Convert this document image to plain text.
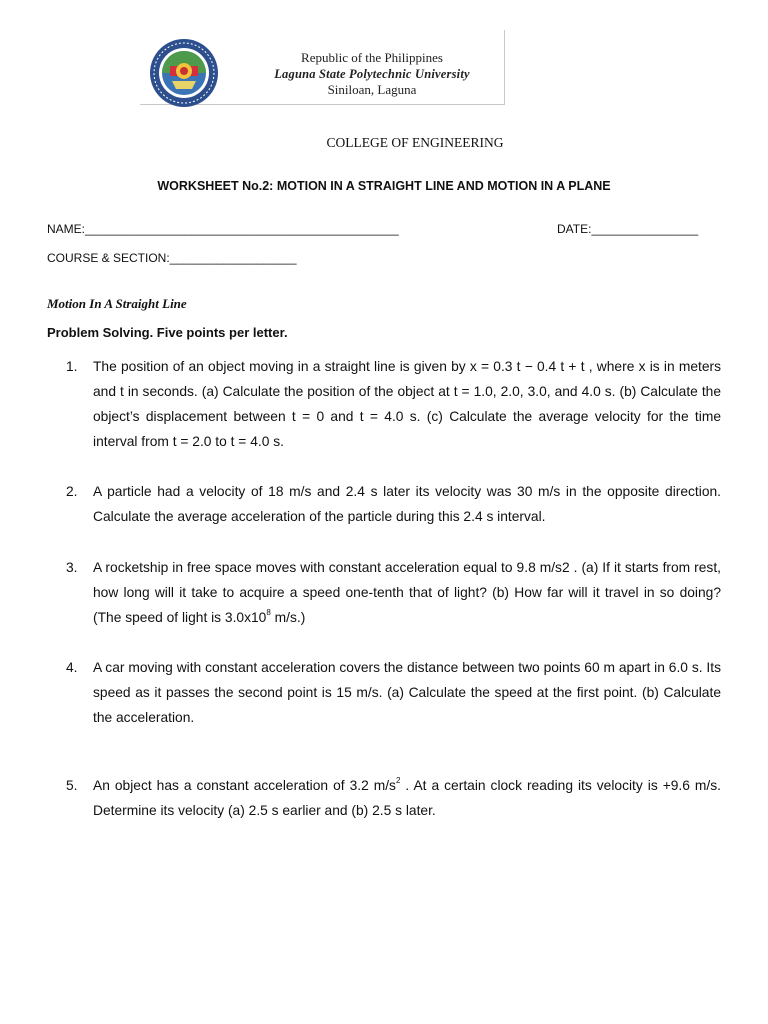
Republic of the Philippines
Laguna State Polytechnic University
Siniloan, Laguna
COLLEGE OF ENGINEERING
WORKSHEET No.2: MOTION IN A STRAIGHT LINE AND MOTION IN A PLANE
NAME:_______________________________________________	DATE:________________
COURSE & SECTION:___________________
Motion In A Straight Line
Problem Solving. Five points per letter.
1.	The position of an object moving in a straight line is given by x = 0.3 t − 0.4 t + t , where x is in meters and t in seconds. (a) Calculate the position of the object at t = 1.0, 2.0, 3.0, and 4.0 s. (b) Calculate the object’s displacement between t = 0 and t = 4.0 s. (c) Calculate the average velocity for the time interval from t = 2.0 to t = 4.0 s.
2.	A particle had a velocity of 18 m/s and 2.4 s later its velocity was 30 m/s in the opposite direction. Calculate the average acceleration of the particle during this 2.4 s interval.
3.	A rocketship in free space moves with constant acceleration equal to 9.8 m/s2 . (a) If it starts from rest, how long will it take to acquire a speed one-tenth that of light? (b) How far will it travel in so doing? (The speed of light is $3.0x10^8$ m/s.)
4.	A car moving with constant acceleration covers the distance between two points 60 m apart in 6.0 s. Its speed as it passes the second point is 15 m/s. (a) Calculate the speed at the first point. (b) Calculate the acceleration.
5.	An object has a constant acceleration of 3.2 $m/s^2$ . At a certain clock reading its velocity is +9.6 m/s. Determine its velocity (a) 2.5 s earlier and (b) 2.5 s later.
